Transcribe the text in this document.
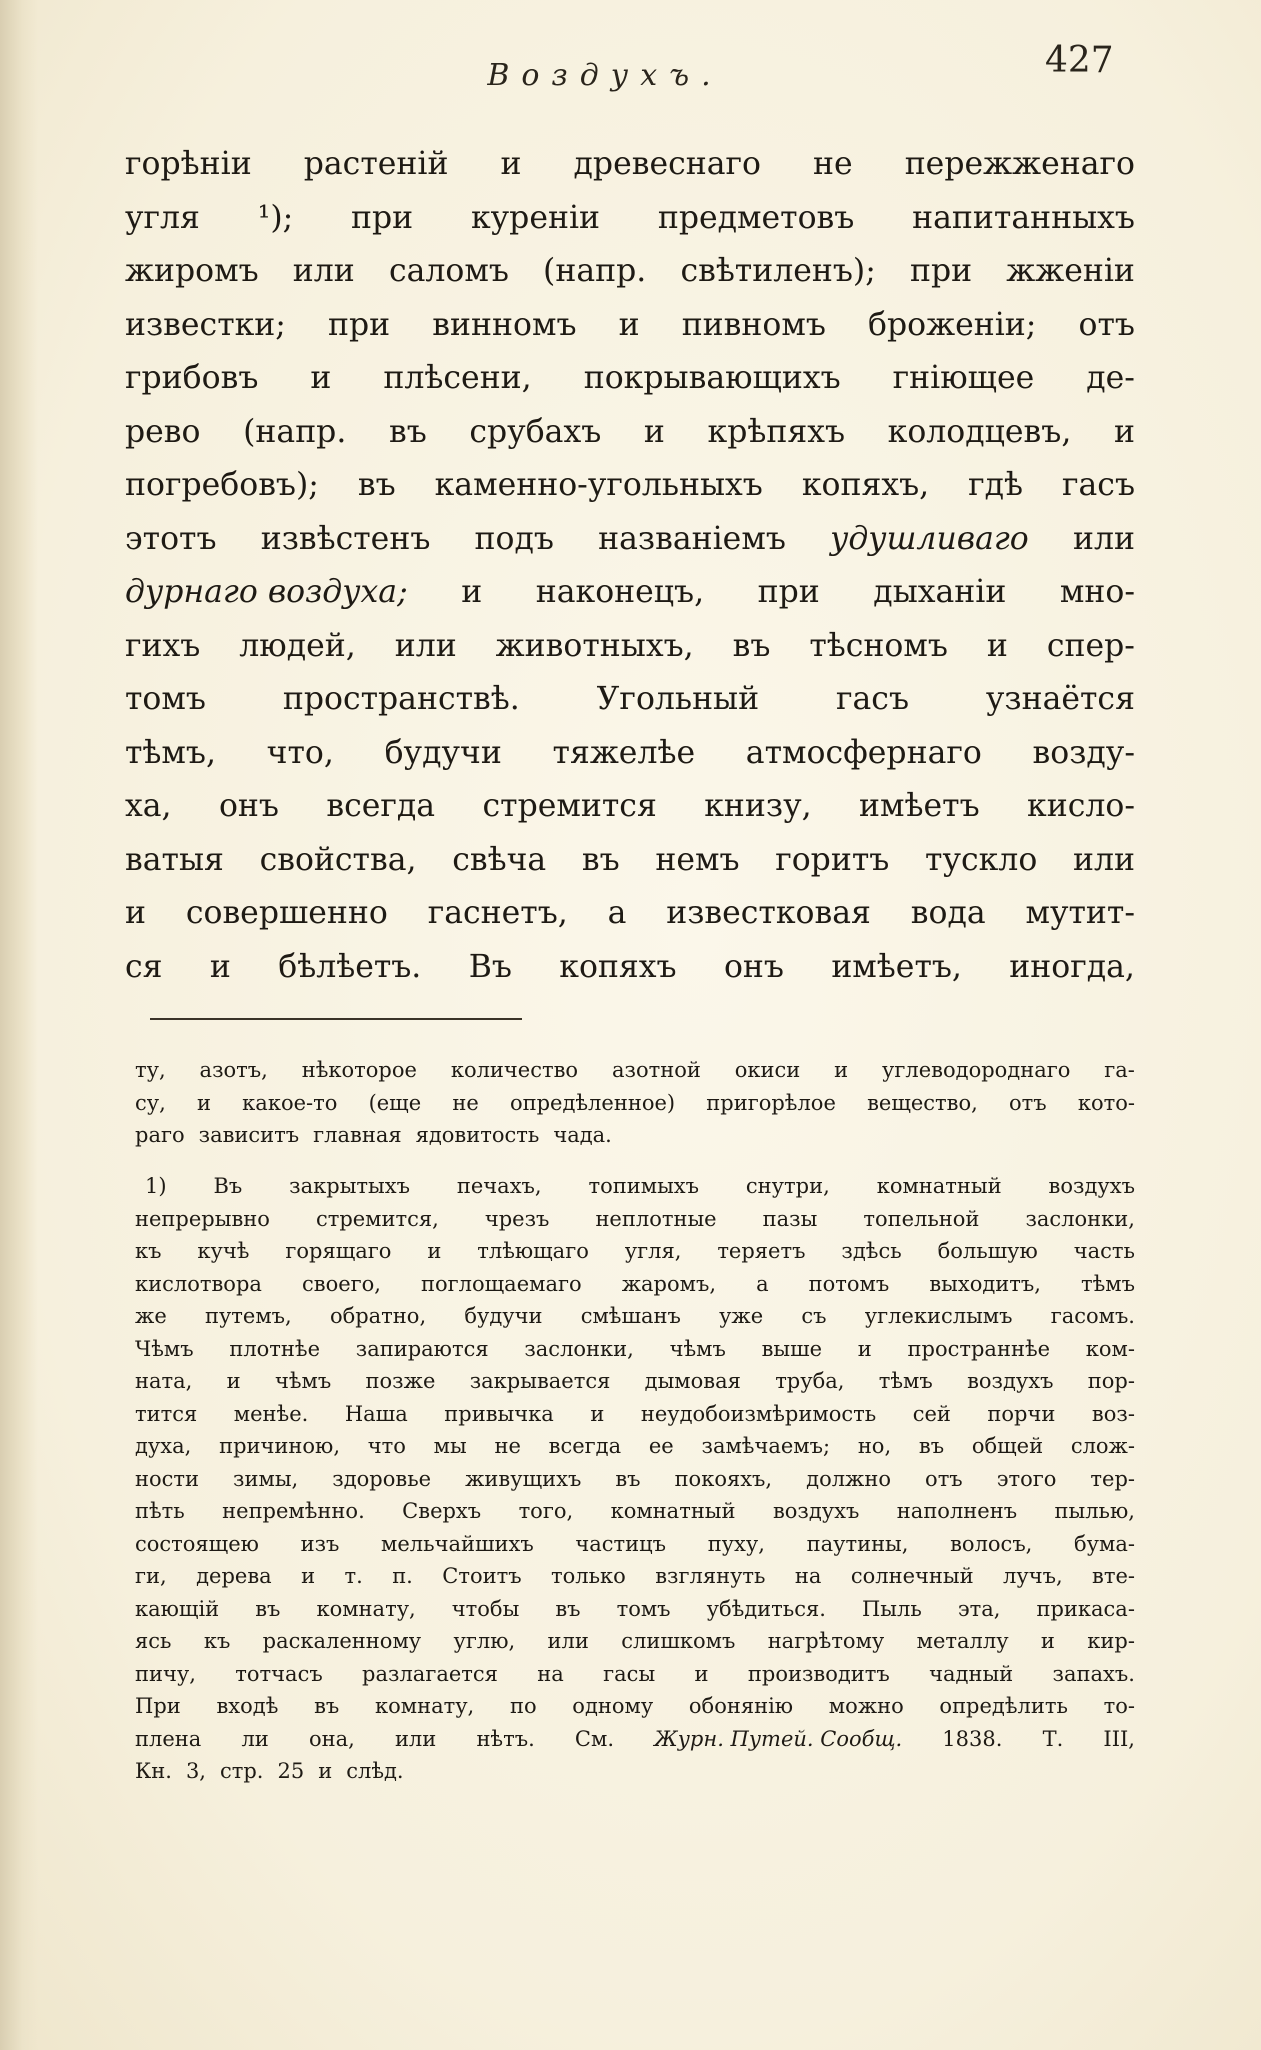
Воздухъ.	427
горѣніи растеній и древеснаго не пережженаго
угля ¹); при куреніи предметовъ напитанныхъ
жиромъ или саломъ (напр. свѣтиленъ); при жженіи
известки; при винномъ и пивномъ броженіи; отъ
грибовъ и плѣсени, покрывающихъ гніющее де-
рево (напр. въ срубахъ и крѣпяхъ колодцевъ, и
погребовъ); въ каменно-угольныхъ копяхъ, гдѣ гасъ
этотъ извѣстенъ подъ названіемъ удушливаго или
дурнаго воздуха; и наконецъ, при дыханіи мно-
гихъ людей, или животныхъ, въ тѣсномъ и спер-
томъ пространствѣ. Угольный гасъ узнаётся
тѣмъ, что, будучи тяжелѣе атмосфернаго возду-
ха, онъ всегда стремится книзу, имѣетъ кисло-
ватыя свойства, свѣча въ немъ горитъ тускло или
и совершенно гаснетъ, а известковая вода мутит-
ся и бѣлѣетъ. Въ копяхъ онъ имѣетъ, иногда,
ту, азотъ, нѣкоторое количество азотной окиси и углеводороднаго га-
су, и какое-то (еще не опредѣленное) пригорѣлое вещество, отъ кото-
раго зависитъ главная ядовитость чада.
1) Въ закрытыхъ печахъ, топимыхъ снутри, комнатный воздухъ
непрерывно стремится, чрезъ неплотные пазы топельной заслонки,
къ кучѣ горящаго и тлѣющаго угля, теряетъ здѣсь большую часть
кислотвора своего, поглощаемаго жаромъ, а потомъ выходитъ, тѣмъ
же путемъ, обратно, будучи смѣшанъ уже съ углекислымъ гасомъ.
Чѣмъ плотнѣе запираются заслонки, чѣмъ выше и пространнѣе ком-
ната, и чѣмъ позже закрывается дымовая труба, тѣмъ воздухъ пор-
тится менѣе. Наша привычка и неудобоизмѣримость сей порчи воз-
духа, причиною, что мы не всегда ее замѣчаемъ; но, въ общей слож-
ности зимы, здоровье живущихъ въ покояхъ, должно отъ этого тер-
пѣть непремѣнно. Сверхъ того, комнатный воздухъ наполненъ пылью,
состоящею изъ мельчайшихъ частицъ пуху, паутины, волосъ, бума-
ги, дерева и т. п. Стоитъ только взглянуть на солнечный лучъ, вте-
кающій въ комнату, чтобы въ томъ убѣдиться. Пыль эта, прикаса-
ясь къ раскаленному углю, или слишкомъ нагрѣтому металлу и кир-
пичу, тотчасъ разлагается на гасы и производитъ чадный запахъ.
При входѣ въ комнату, по одному обонянію можно опредѣлить то-
плена ли она, или нѣтъ. См. Журн. Путей. Сообщ. 1838. Т. III,
Кн. 3, стр. 25 и слѣд.
